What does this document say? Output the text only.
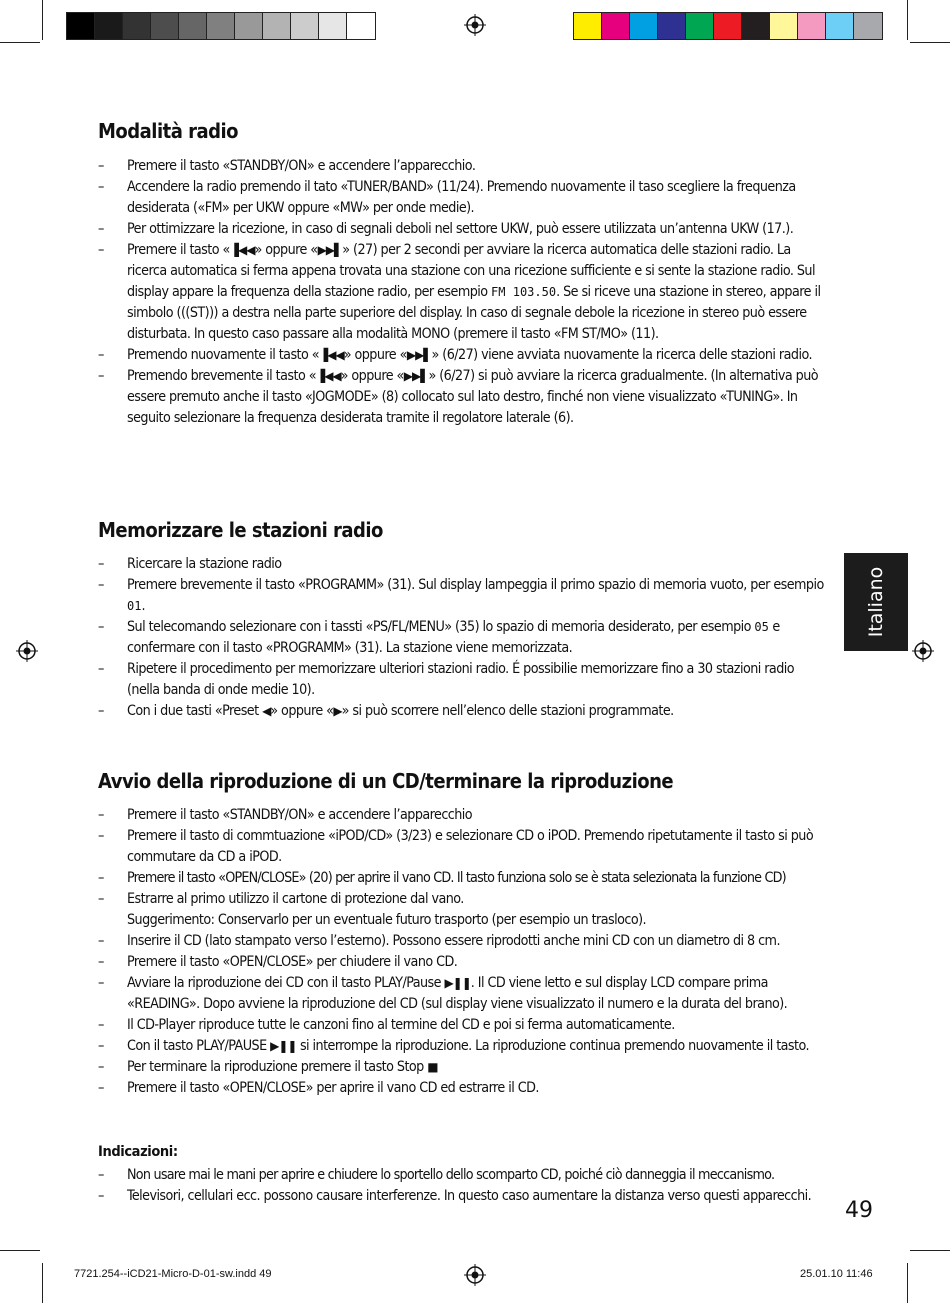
Modalità radio
– Premere il tasto «STANDBY/ON» e accendere l’apparecchio.
– Accendere la radio premendo il tato «TUNER/BAND» (11/24). Premendo nuovamente il taso scegliere la frequenza desiderata («FM» per UKW oppure «MW» per onde medie).
– Per ottimizzare la ricezione, in caso di segnali deboli nel settore UKW, può essere utilizzata un’antenna UKW (17.).
– Premere il tasto «▐◀◀» oppure «▶▶▌» (27) per 2 secondi per avviare la ricerca automatica delle stazioni radio. La ricerca automatica si ferma appena trovata una stazione con una ricezione sufficiente e si sente la stazione radio. Sul display appare la frequenza della stazione radio, per esempio FM 103.50. Se si riceve una stazione in stereo, appare il simbolo (((ST))) a destra nella parte superiore del display. In caso di segnale debole la ricezione in stereo può essere disturbata. In questo caso passare alla modalità MONO (premere il tasto «FM ST/MO» (11).
– Premendo nuovamente il tasto «▐◀◀» oppure «▶▶▌» (6/27) viene avviata nuovamente la ricerca delle stazioni radio.
– Premendo brevemente il tasto «▐◀◀» oppure «▶▶▌» (6/27) si può avviare la ricerca gradualmente. (In alternativa può essere premuto anche il tasto «JOGMODE» (8) collocato sul lato destro, finché non viene visualizzato «TUNING». In seguito selezionare la frequenza desiderata tramite il regolatore laterale (6).
Memorizzare le stazioni radio
– Ricercare la stazione radio
– Premere brevemente il tasto «PROGRAMM» (31). Sul display lampeggia il primo spazio di memoria vuoto, per esempio 01.
– Sul telecomando selezionare con i tassti «PS/FL/MENU» (35) lo spazio di memoria desiderato, per esempio 05 e confermare con il tasto «PROGRAMM» (31). La stazione viene memorizzata.
– Ripetere il procedimento per memorizzare ulteriori stazioni radio. É possibilie memorizzare fino a 30 stazioni radio (nella banda di onde medie 10).
– Con i due tasti «Preset ◀» oppure «▶» si può scorrere nell’elenco delle stazioni programmate.
Avvio della riproduzione di un CD/terminare la riproduzione
– Premere il tasto «STANDBY/ON» e accendere l’apparecchio
– Premere il tasto di commtuazione «iPOD/CD» (3/23) e selezionare CD o iPOD. Premendo ripetutamente il tasto si può commutare da CD a iPOD.
– Premere il tasto «OPEN/CLOSE» (20) per aprire il vano CD. Il tasto funziona solo se è stata selezionata la funzione CD)
– Estrarre al primo utilizzo il cartone di protezione dal vano.
Suggerimento: Conservarlo per un eventuale futuro trasporto (per esempio un trasloco).
– Inserire il CD (lato stampato verso l’esterno). Possono essere riprodotti anche mini CD con un diametro di 8 cm.
– Premere il tasto «OPEN/CLOSE» per chiudere il vano CD.
– Avviare la riproduzione dei CD con il tasto PLAY/Pause ▶❚❚. Il CD viene letto e sul display LCD compare prima «READING». Dopo avviene la riproduzione del CD (sul display viene visualizzato il numero e la durata del brano).
– Il CD-Player riproduce tutte le canzoni fino al termine del CD e poi si ferma automaticamente.
– Con il tasto PLAY/PAUSE ▶❚❚ si interrompe la riproduzione. La riproduzione continua premendo nuovamente il tasto.
– Per terminare la riproduzione premere il tasto Stop ■
– Premere il tasto «OPEN/CLOSE» per aprire il vano CD ed estrarre il CD.
Indicazioni:
– Non usare mai le mani per aprire e chiudere lo sportello dello scomparto CD, poiché ciò danneggia il meccanismo.
– Televisori, cellulari ecc. possono causare interferenze. In questo caso aumentare la distanza verso questi apparecchi.
Italiano
49
7721.254--iCD21-Micro-D-01-sw.indd 49	25.01.10 11:46
